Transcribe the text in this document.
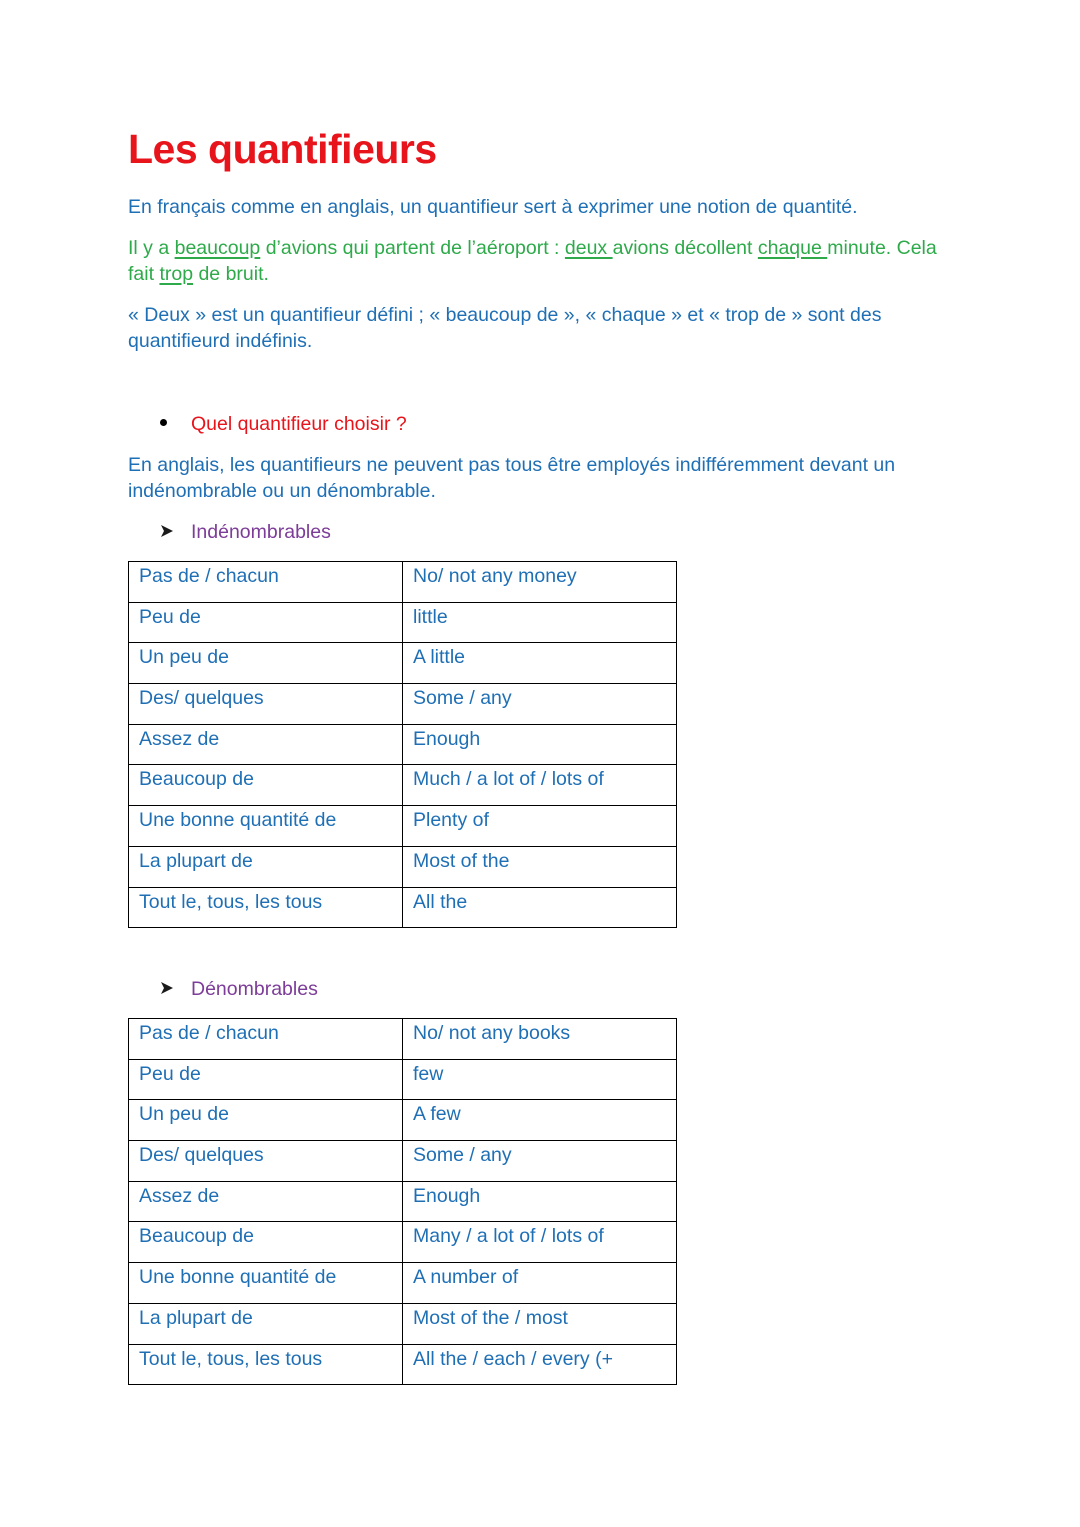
Les quantifieurs

En français comme en anglais, un quantifieur sert à exprimer une notion de quantité.

Il y a beaucoup d’avions qui partent de l’aéroport : deux avions décollent chaque minute. Cela fait trop de bruit.

« Deux » est un quantifieur défini ; « beaucoup de », « chaque » et « trop de » sont des quantifieurd indéfinis.

Quel quantifieur choisir ?

En anglais, les quantifieurs ne peuvent pas tous être employés indifféremment devant un indénombrable ou un dénombrable.

Indénombrables
Pas de / chacun	No/ not any money
Peu de	little
Un peu de	A little
Des/ quelques	Some / any
Assez de	Enough
Beaucoup de	Much / a lot of / lots of
Une bonne quantité de	Plenty of
La plupart de	Most of the
Tout le, tous, les tous	All the
Dénombrables
Pas de / chacun	No/ not any books
Peu de	few
Un peu de	A few
Des/ quelques	Some / any
Assez de	Enough
Beaucoup de	Many / a lot of / lots of
Une bonne quantité de	A number of
La plupart de	Most of the / most
Tout le, tous, les tous	All the / each / every (+
